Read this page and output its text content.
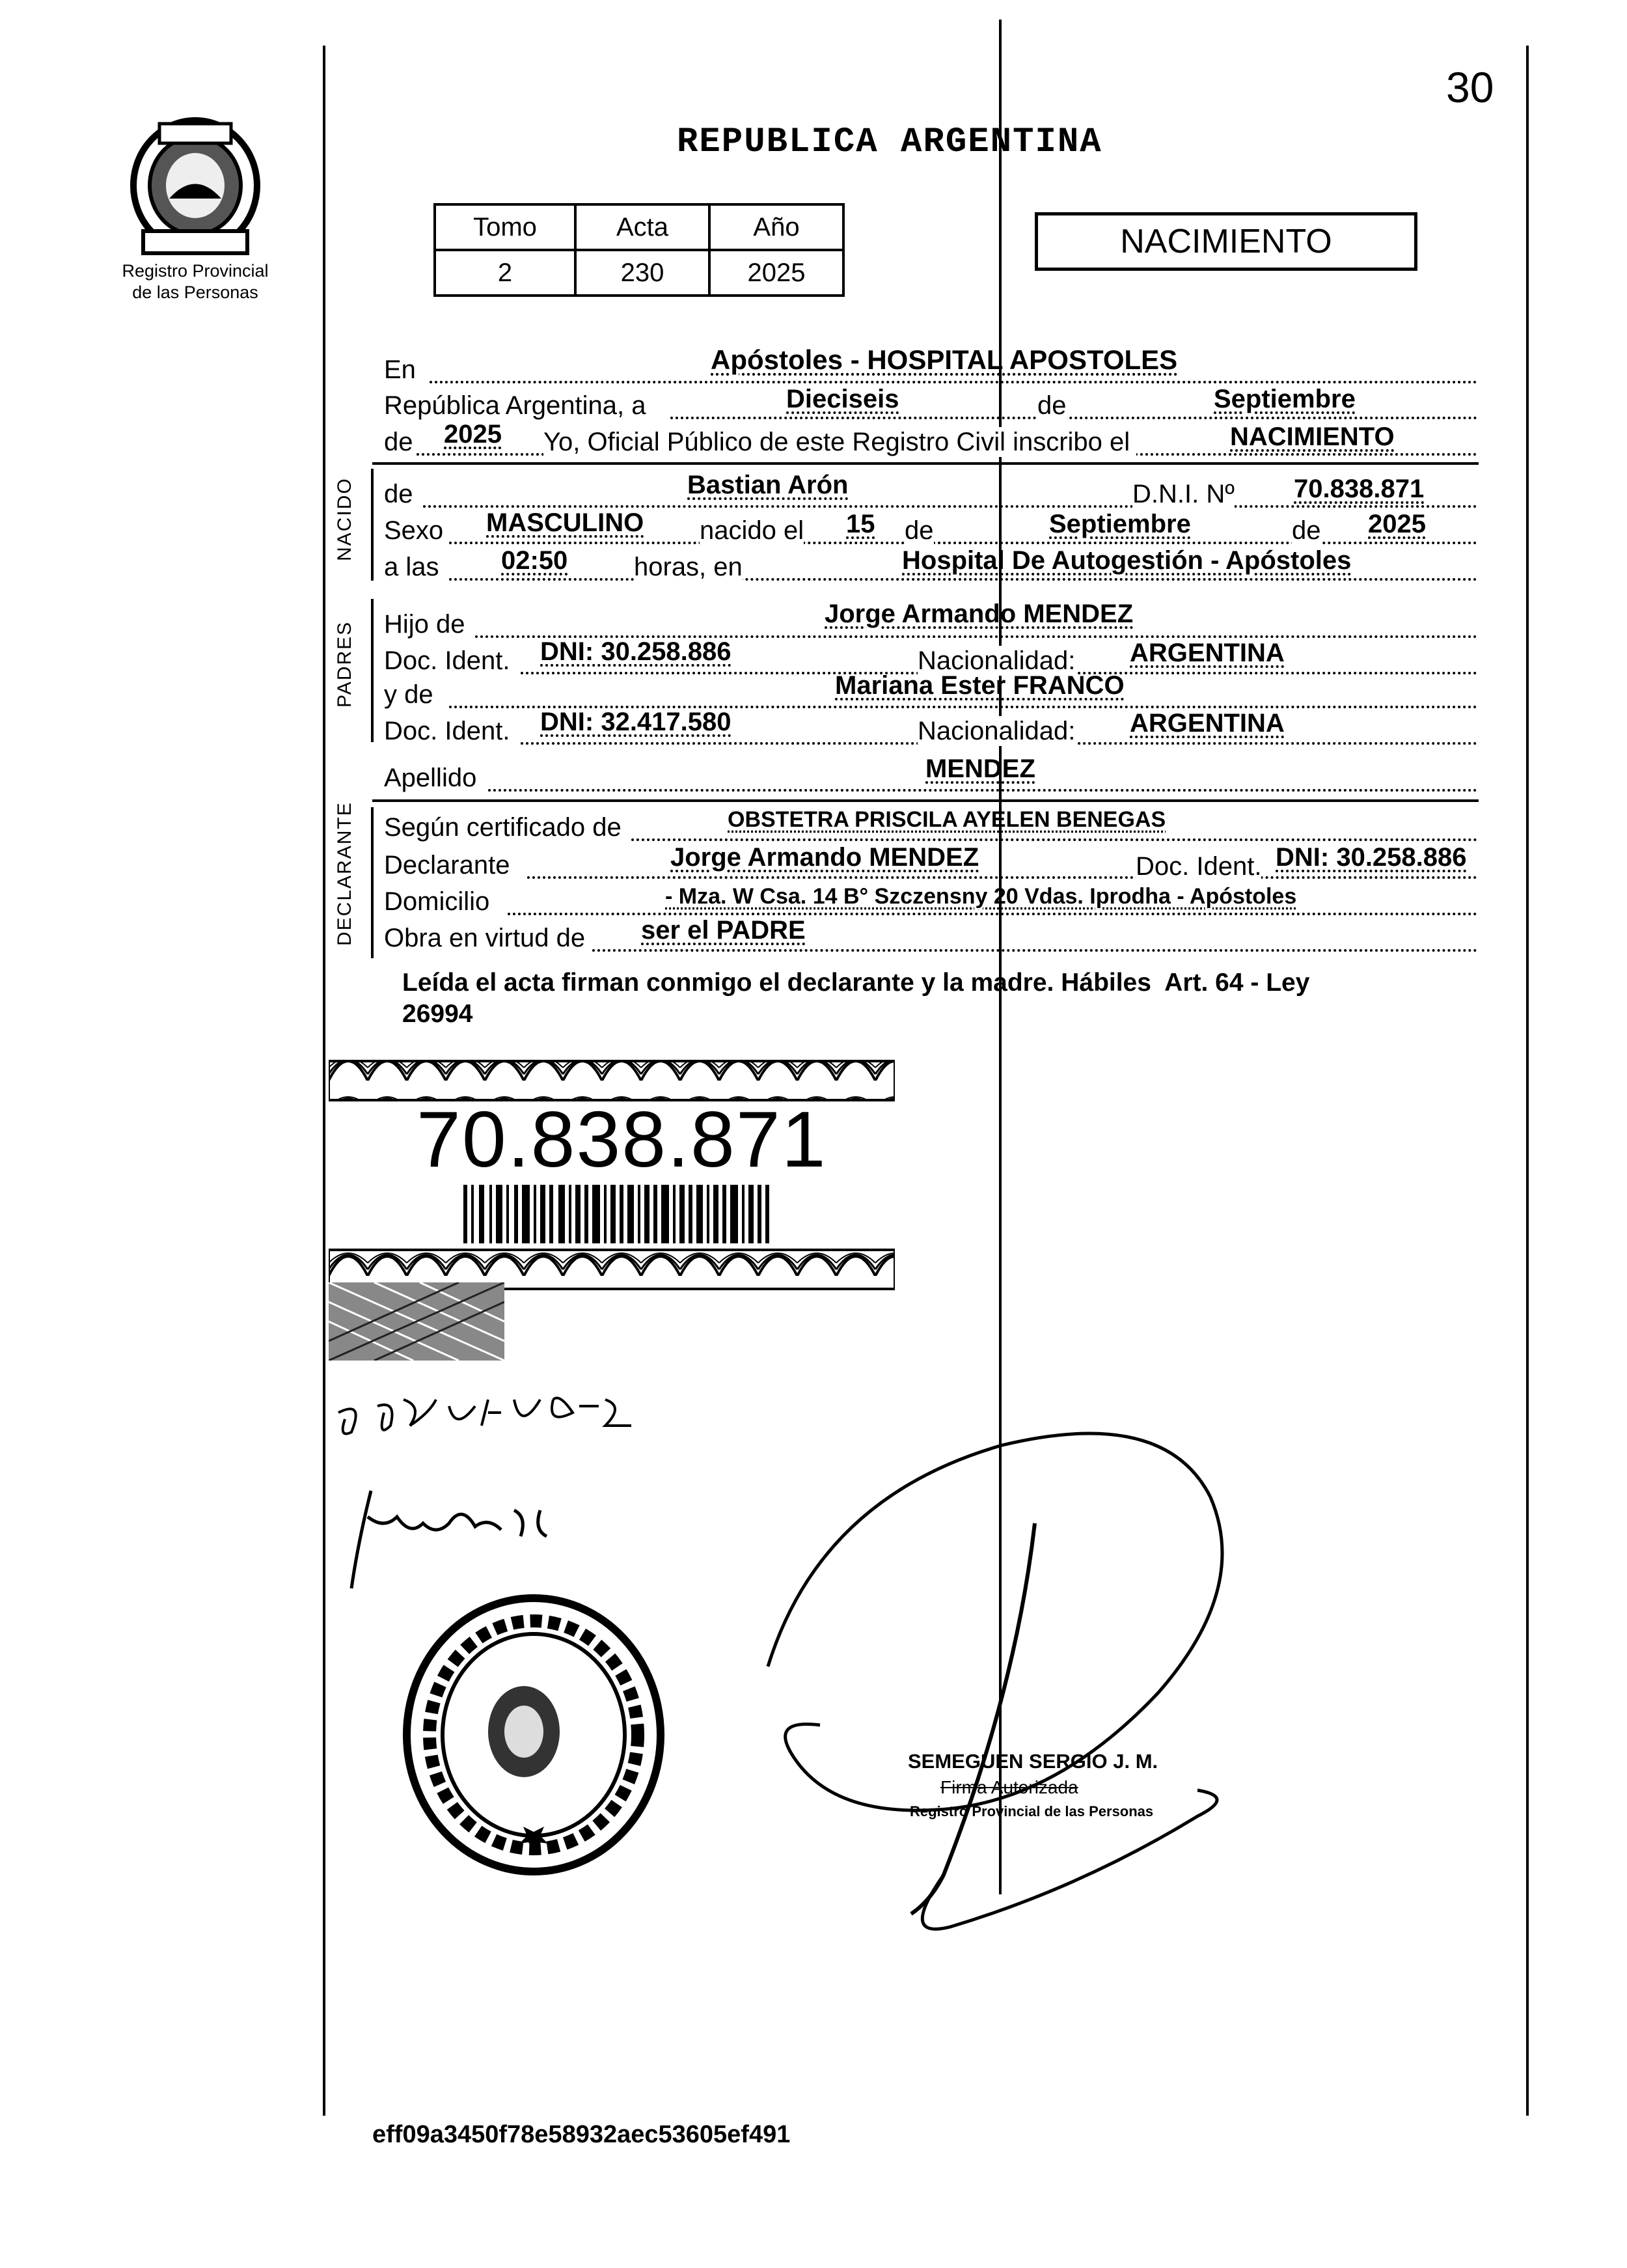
30
Registro Provincial de las Personas
REPUBLICA ARGENTINA
Tomo	Acta	Año
2	230	2025
NACIMIENTO
En	Apóstoles - HOSPITAL APOSTOLES
República Argentina, a	Dieciseis	de	Septiembre
de 2025 Yo, Oficial Público de este Registro Civil inscribo el	NACIMIENTO
NACIDO de	Bastian Arón	D.N.I. Nº 70.838.871
Sexo MASCULINO nacido el 15 de	Septiembre	de 2025
a las 02:50	horas, en	Hospital De Autogestión - Apóstoles
PADRES Hijo de	Jorge Armando MENDEZ
Doc. Ident. DNI: 30.258.886	Nacionalidad: ARGENTINA
y de	Mariana Ester FRANCO
Doc. Ident. DNI: 32.417.580	Nacionalidad: ARGENTINA
Apellido	MENDEZ
DECLARANTE Según certificado de	OBSTETRA PRISCILA AYELEN BENEGAS
Declarante	Jorge Armando MENDEZ	Doc. Ident. DNI: 30.258.886
Domicilio	- Mza. W Csa. 14 B° Szczensny 20 Vdas. Iprodha - Apóstoles
Obra en virtud de ser el PADRE
Leída el acta firman conmigo el declarante y la madre. Hábiles  Art. 64 - Ley
26994
70.838.871
SEMEGUEN SERGIO J. M.
Firma Autorizada
Registro Provincial de las Personas
eff09a3450f78e58932aec53605ef491
